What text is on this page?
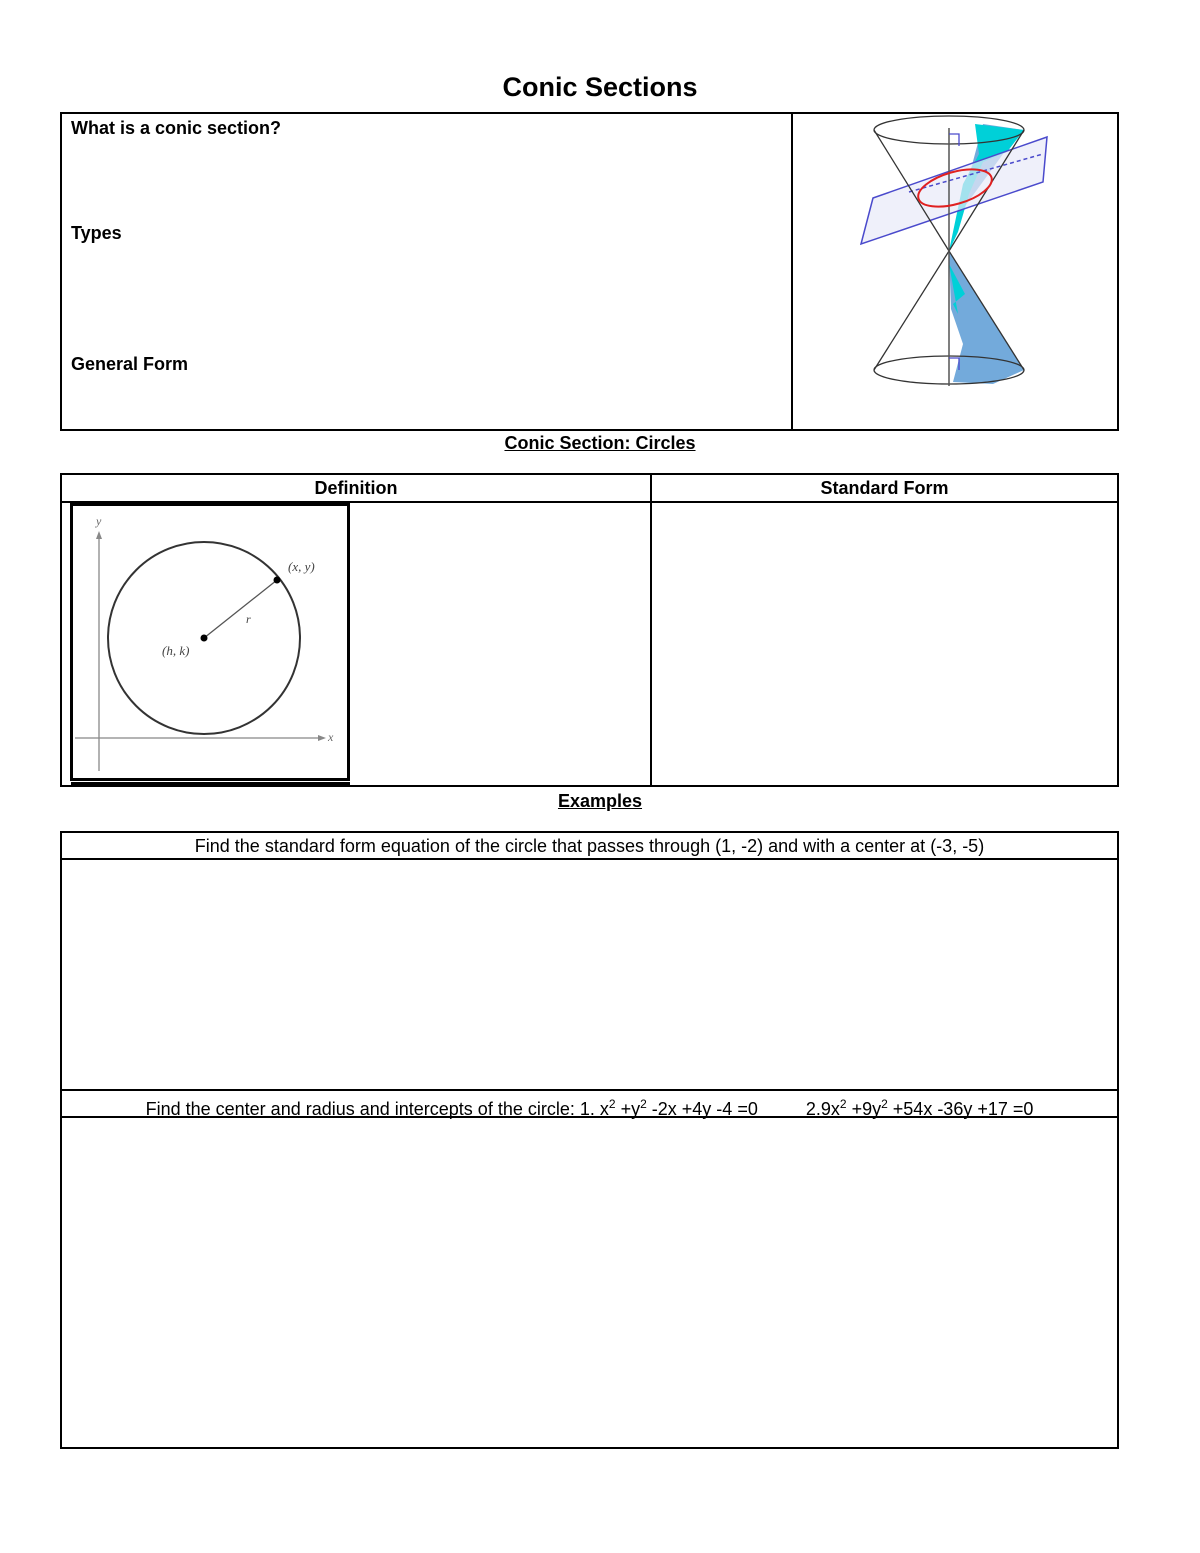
Conic Sections
What is a conic section?
Types
General Form
Conic Section: Circles
Definition	Standard Form
y
x
(x, y)
(h, k)
r
Examples
Find the standard form equation of the circle that passes through (1, -2) and with a center at (-3, -5)
Find the center and radius and intercepts of the circle: 1. $x^2 +y^2$ -2x +4y -4 =0	$2.9x^2 +9y^2 +54x$ -36y +17 =0
